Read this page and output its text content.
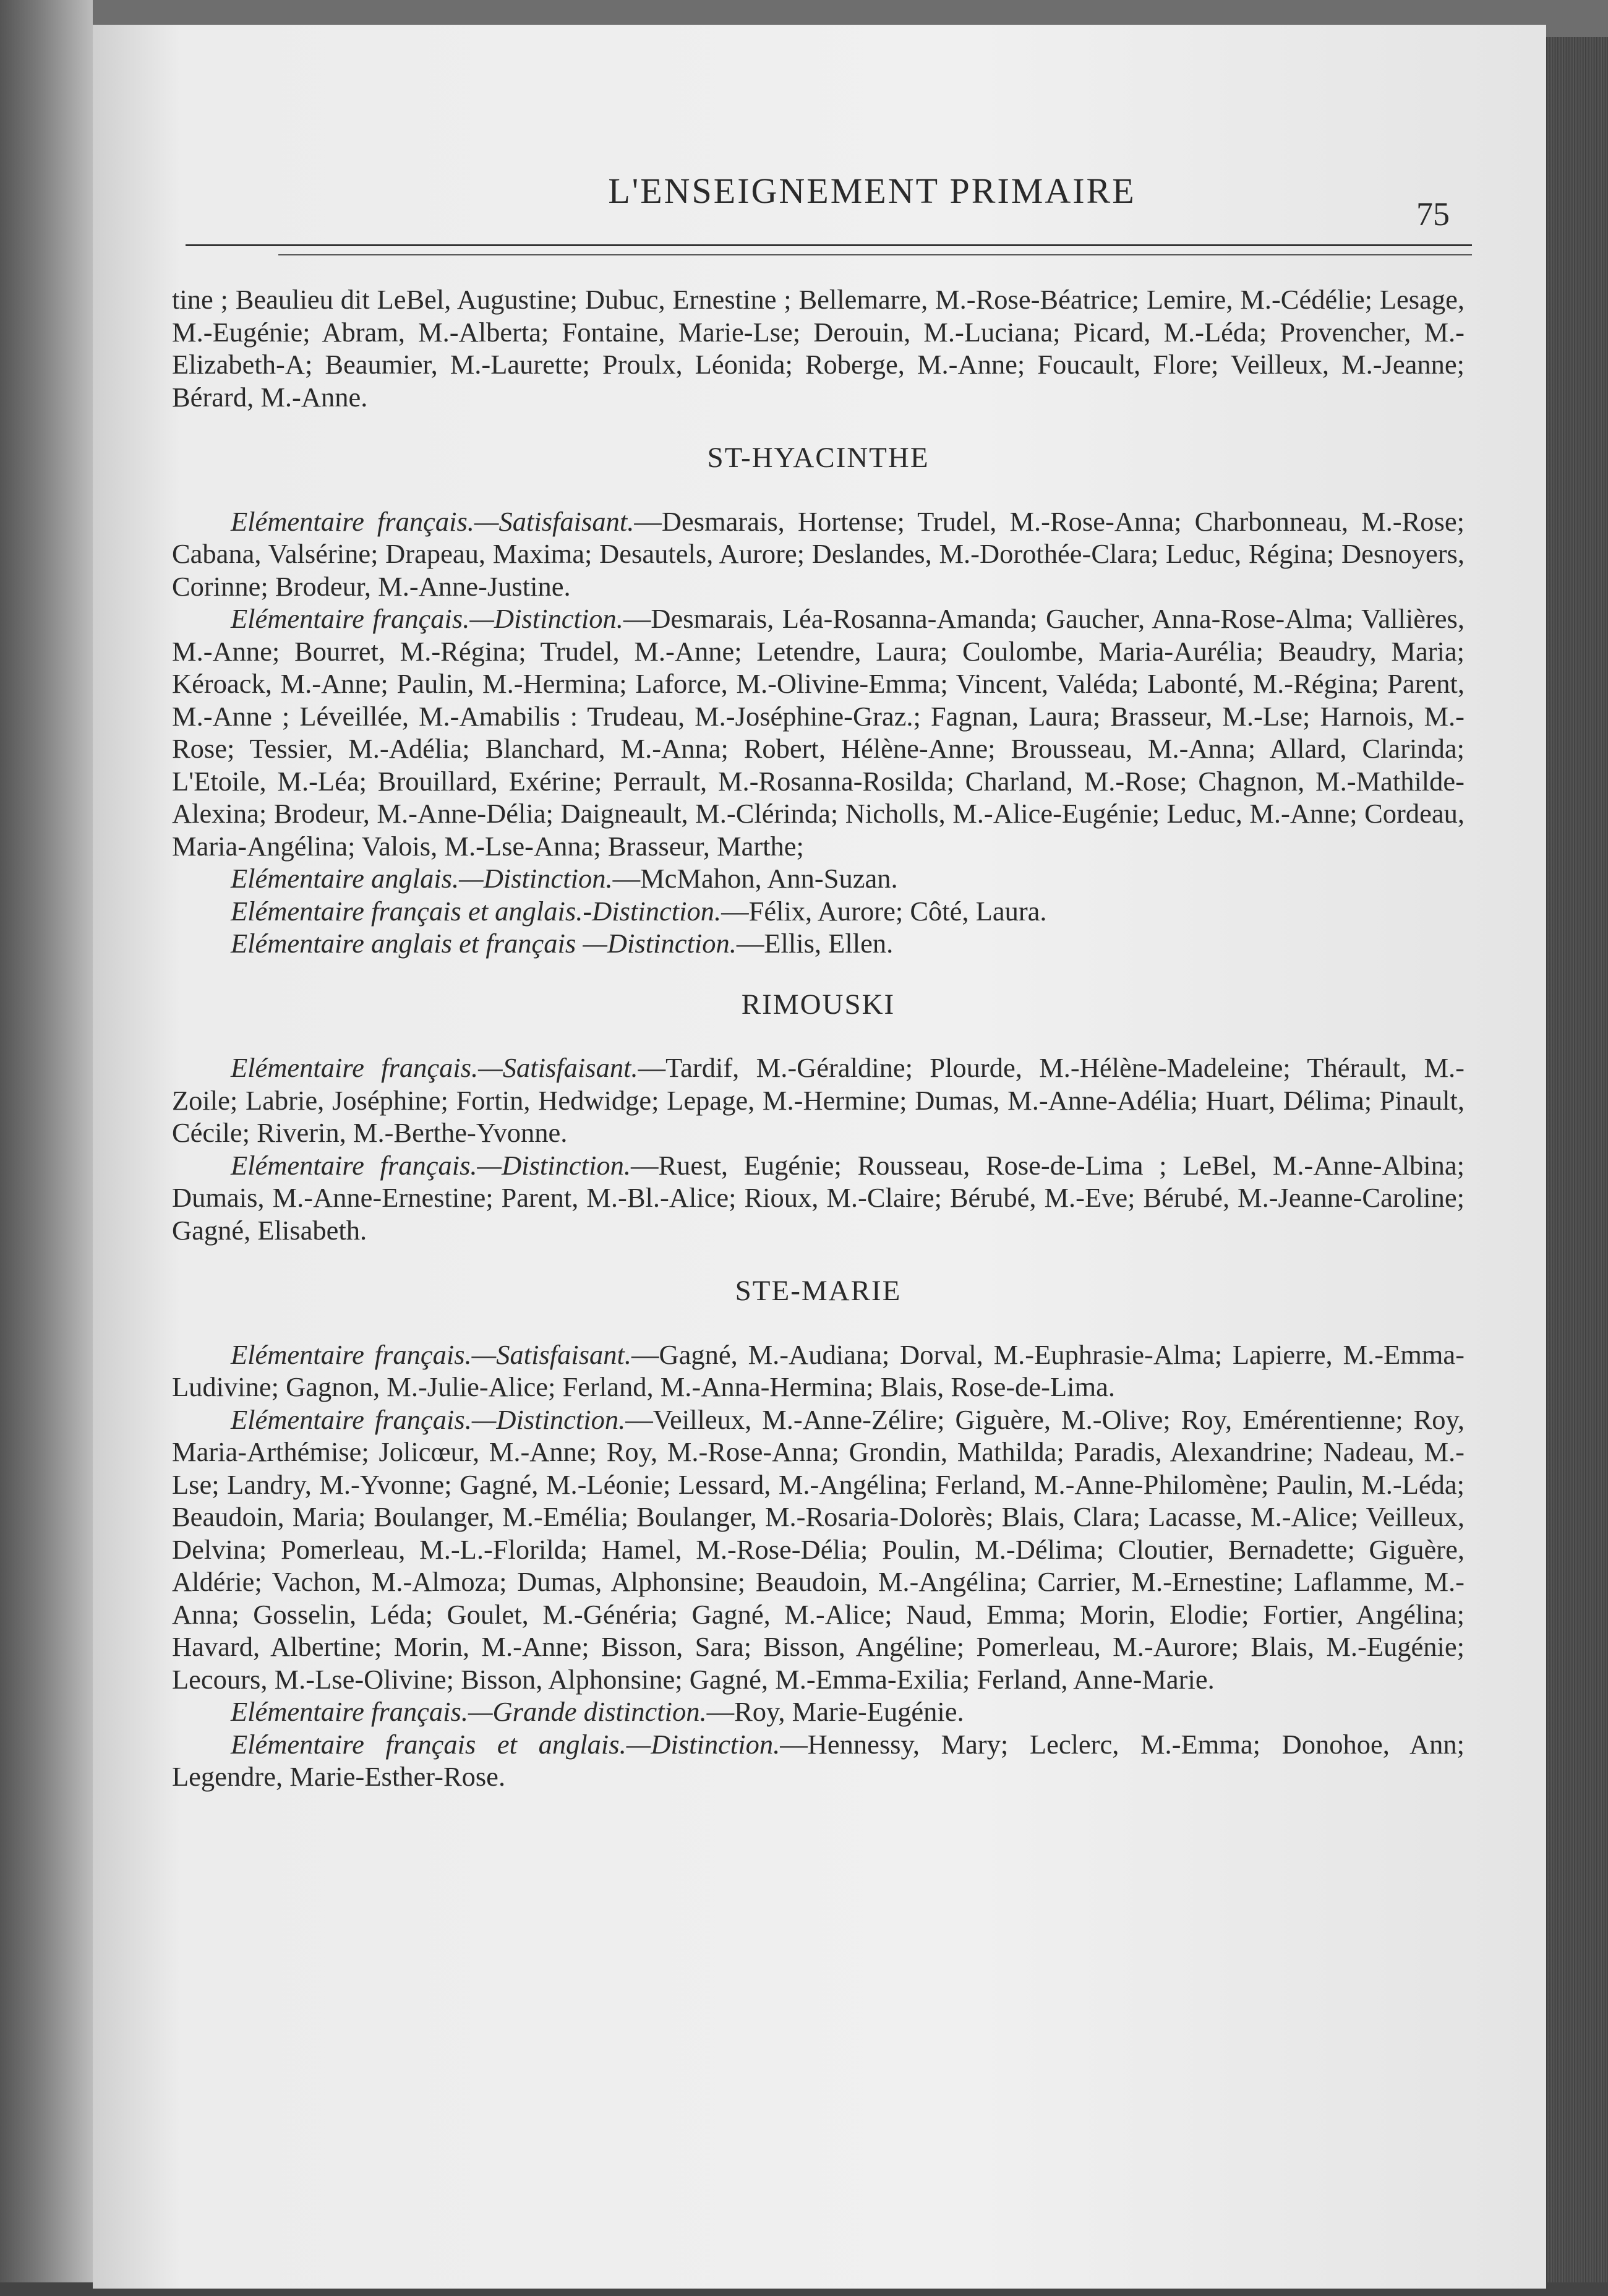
L'ENSEIGNEMENT PRIMAIRE
75

tine ; Beaulieu dit LeBel, Augustine; Dubuc, Ernestine ; Bellemarre, M.-Rose-Béatrice; Lemire, M.-Cédélie; Lesage, M.-Eugénie; Abram, M.-Alberta; Fontaine, Marie-Lse; Derouin, M.-Luciana; Picard, M.-Léda; Provencher, M.-Elizabeth-A; Beaumier, M.-Laurette; Proulx, Léonida; Roberge, M.-Anne; Foucault, Flore; Veilleux, M.-Jeanne; Bérard, M.-Anne.

ST-HYACINTHE

Elémentaire français.—Satisfaisant.—Desmarais, Hortense; Trudel, M.-Rose-Anna; Charbonneau, M.-Rose; Cabana, Valsérine; Drapeau, Maxima; Desautels, Aurore; Deslandes, M.-Dorothée-Clara; Leduc, Régina; Desnoyers, Corinne; Brodeur, M.-Anne-Justine.

Elémentaire français.—Distinction.—Desmarais, Léa-Rosanna-Amanda; Gaucher, Anna-Rose-Alma; Vallières, M.-Anne; Bourret, M.-Régina; Trudel, M.-Anne; Letendre, Laura; Coulombe, Maria-Aurélia; Beaudry, Maria; Kéroack, M.-Anne; Paulin, M.-Hermina; Laforce, M.-Olivine-Emma; Vincent, Valéda; Labonté, M.-Régina; Parent, M.-Anne ; Léveillée, M.-Amabilis : Trudeau, M.-Joséphine-Graz.; Fagnan, Laura; Brasseur, M.-Lse; Harnois, M.-Rose; Tessier, M.-Adélia; Blanchard, M.-Anna; Robert, Hélène-Anne; Brousseau, M.-Anna; Allard, Clarinda; L'Etoile, M.-Léa; Brouillard, Exérine; Perrault, M.-Rosanna-Rosilda; Charland, M.-Rose; Chagnon, M.-Mathilde-Alexina; Brodeur, M.-Anne-Délia; Daigneault, M.-Clérinda; Nicholls, M.-Alice-Eugénie; Leduc, M.-Anne; Cordeau, Maria-Angélina; Valois, M.-Lse-Anna; Brasseur, Marthe;

Elémentaire anglais.—Distinction.—McMahon, Ann-Suzan.

Elémentaire français et anglais.-Distinction.—Félix, Aurore; Côté, Laura.

Elémentaire anglais et français —Distinction.—Ellis, Ellen.

RIMOUSKI

Elémentaire français.—Satisfaisant.—Tardif, M.-Géraldine; Plourde, M.-Hélène-Madeleine; Thérault, M.-Zoile; Labrie, Joséphine; Fortin, Hedwidge; Lepage, M.-Hermine; Dumas, M.-Anne-Adélia; Huart, Délima; Pinault, Cécile; Riverin, M.-Berthe-Yvonne.

Elémentaire français.—Distinction.—Ruest, Eugénie; Rousseau, Rose-de-Lima ; LeBel, M.-Anne-Albina; Dumais, M.-Anne-Ernestine; Parent, M.-Bl.-Alice; Rioux, M.-Claire; Bérubé, M.-Eve; Bérubé, M.-Jeanne-Caroline; Gagné, Elisabeth.

STE-MARIE

Elémentaire français.—Satisfaisant.—Gagné, M.-Audiana; Dorval, M.-Euphrasie-Alma; Lapierre, M.-Emma-Ludivine; Gagnon, M.-Julie-Alice; Ferland, M.-Anna-Hermina; Blais, Rose-de-Lima.

Elémentaire français.—Distinction.—Veilleux, M.-Anne-Zélire; Giguère, M.-Olive; Roy, Emérentienne; Roy, Maria-Arthémise; Jolicœur, M.-Anne; Roy, M.-Rose-Anna; Grondin, Mathilda; Paradis, Alexandrine; Nadeau, M.-Lse; Landry, M.-Yvonne; Gagné, M.-Léonie; Lessard, M.-Angélina; Ferland, M.-Anne-Philomène; Paulin, M.-Léda; Beaudoin, Maria; Boulanger, M.-Emélia; Boulanger, M.-Rosaria-Dolorès; Blais, Clara; Lacasse, M.-Alice; Veilleux, Delvina; Pomerleau, M.-L.-Florilda; Hamel, M.-Rose-Délia; Poulin, M.-Délima; Cloutier, Bernadette; Giguère, Aldérie; Vachon, M.-Almoza; Dumas, Alphonsine; Beaudoin, M.-Angélina; Carrier, M.-Ernestine; Laflamme, M.-Anna; Gosselin, Léda; Goulet, M.-Généria; Gagné, M.-Alice; Naud, Emma; Morin, Elodie; Fortier, Angélina; Havard, Albertine; Morin, M.-Anne; Bisson, Sara; Bisson, Angéline; Pomerleau, M.-Aurore; Blais, M.-Eugénie; Lecours, M.-Lse-Olivine; Bisson, Alphonsine; Gagné, M.-Emma-Exilia; Ferland, Anne-Marie.

Elémentaire français.—Grande distinction.—Roy, Marie-Eugénie.

Elémentaire français et anglais.—Distinction.—Hennessy, Mary; Leclerc, M.-Emma; Donohoe, Ann; Legendre, Marie-Esther-Rose.
